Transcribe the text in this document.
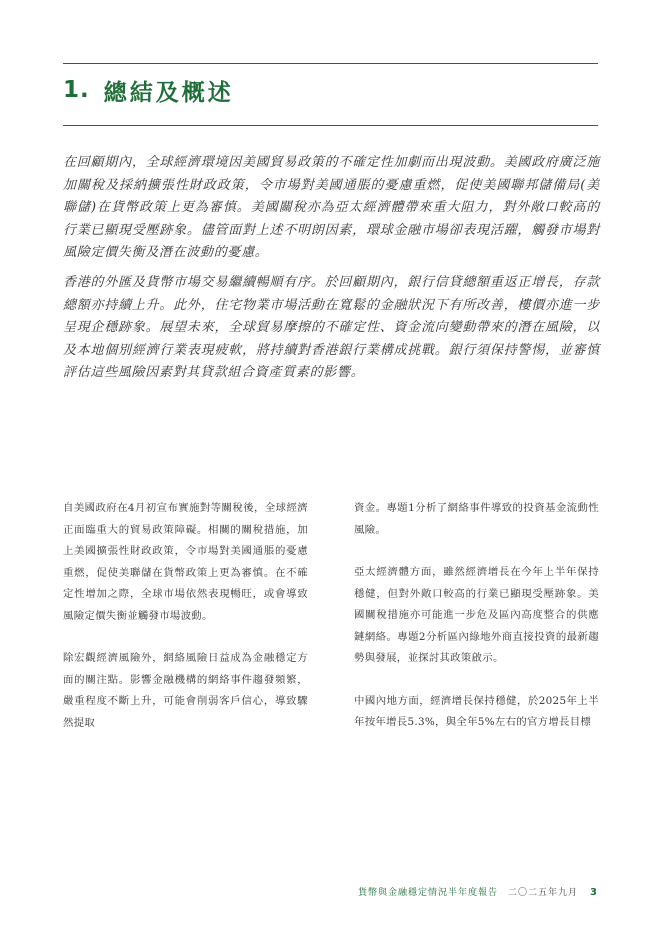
1. 總結及概述

在回顧期內，全球經濟環境因美國貿易政策的不確定性加劇而出現波動。美國政府廣泛施加關稅及採納擴張性財政政策，令市場對美國通脹的憂慮重燃，促使美國聯邦儲備局(美聯儲)在貨幣政策上更為審慎。美國關稅亦為亞太經濟體帶來重大阻力，對外敞口較高的行業已顯現受壓跡象。儘管面對上述不明朗因素，環球金融市場卻表現活躍，觸發市場對風險定價失衡及潛在波動的憂慮。

香港的外匯及貨幣市場交易繼續暢順有序。於回顧期內，銀行信貸總額重返正增長，存款總額亦持續上升。此外，住宅物業市場活動在寬鬆的金融狀況下有所改善，樓價亦進一步呈現企穩跡象。展望未來，全球貿易摩擦的不確定性、資金流向變動帶來的潛在風險，以及本地個別經濟行業表現疲軟，將持續對香港銀行業構成挑戰。銀行須保持警惕，並審慎評估這些風險因素對其貸款組合資產質素的影響。

自美國政府在4月初宣布實施對等關稅後，全球經濟正面臨重大的貿易政策障礙。相關的關稅措施，加上美國擴張性財政政策，令市場對美國通脹的憂慮重燃，促使美聯儲在貨幣政策上更為審慎。在不確定性增加之際，全球市場依然表現暢旺，或會導致風險定價失衡並觸發市場波動。

除宏觀經濟風險外，網絡風險日益成為金融穩定方面的關注點。影響金融機構的網絡事件趨發頻繁，嚴重程度不斷上升，可能會削弱客戶信心，導致驟然提取

資金。專題1分析了網絡事件導致的投資基金流動性風險。

亞太經濟體方面，雖然經濟增長在今年上半年保持穩健，但對外敞口較高的行業已顯現受壓跡象。美國關稅措施亦可能進一步危及區內高度整合的供應鏈網絡。專題2分析區內綠地外商直接投資的最新趨勢與發展，並探討其政策啟示。

中國內地方面，經濟增長保持穩健，於2025年上半年按年增長5.3%，與全年5%左右的官方增長目標

貨幣與金融穩定情況半年度報告 二〇二五年九月 3
